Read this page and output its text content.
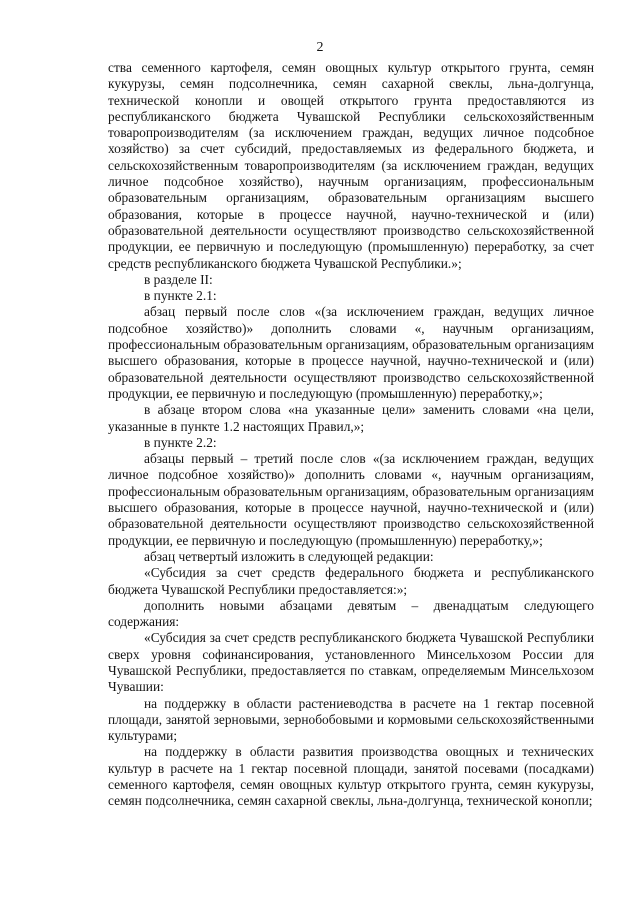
2

ства семенного картофеля, семян овощных культур открытого грунта, семян кукурузы, семян подсолнечника, семян сахарной свеклы, льна-долгунца, технической конопли и овощей открытого грунта предоставляются из республиканского бюджета Чувашской Республики сельскохозяйственным товаропроизводителям (за исключением граждан, ведущих личное подсобное хозяйство) за счет субсидий, предоставляемых из федерального бюджета, и сельскохозяйственным товаропроизводителям (за исключением граждан, ведущих личное подсобное хозяйство), научным организациям, профессиональным образовательным организациям, образовательным организациям высшего образования, которые в процессе научной, научно-технической и (или) образовательной деятельности осуществляют производство сельскохозяйственной продукции, ее первичную и последующую (промышленную) переработку, за счет средств республиканского бюджета Чувашской Республики.»;

в разделе II:

в пункте 2.1:

абзац первый после слов «(за исключением граждан, ведущих личное подсобное хозяйство)» дополнить словами «, научным организациям, профессиональным образовательным организациям, образовательным организациям высшего образования, которые в процессе научной, научно-технической и (или) образовательной деятельности осуществляют производство сельскохозяйственной продукции, ее первичную и последующую (промышленную) переработку,»;

в абзаце втором слова «на указанные цели» заменить словами «на цели, указанные в пункте 1.2 настоящих Правил,»;

в пункте 2.2:

абзацы первый – третий после слов «(за исключением граждан, ведущих личное подсобное хозяйство)» дополнить словами «, научным организациям, профессиональным образовательным организациям, образовательным организациям высшего образования, которые в процессе научной, научно-технической и (или) образовательной деятельности осуществляют производство сельскохозяйственной продукции, ее первичную и последующую (промышленную) переработку,»;

абзац четвертый изложить в следующей редакции:

«Субсидия за счет средств федерального бюджета и республиканского бюджета Чувашской Республики предоставляется:»;

дополнить новыми абзацами девятым – двенадцатым следующего содержания:

«Субсидия за счет средств республиканского бюджета Чувашской Республики сверх уровня софинансирования, установленного Минсельхозом России для Чувашской Республики, предоставляется по ставкам, определяемым Минсельхозом Чувашии:

на поддержку в области растениеводства в расчете на 1 гектар посевной площади, занятой зерновыми, зернобобовыми и кормовыми сельскохозяйственными культурами;

на поддержку в области развития производства овощных и технических культур в расчете на 1 гектар посевной площади, занятой посевами (посадками) семенного картофеля, семян овощных культур открытого грунта, семян кукурузы, семян подсолнечника, семян сахарной свеклы, льна-долгунца, технической конопли;
